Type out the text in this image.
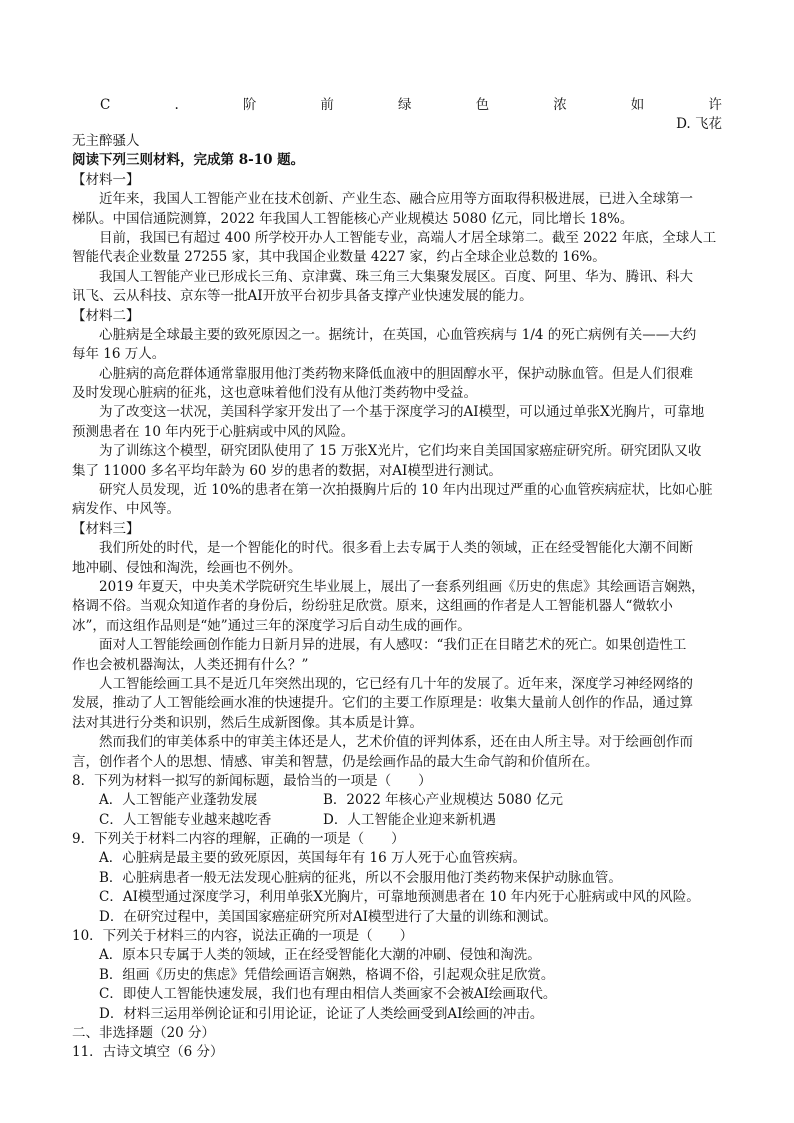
C	.	阶	前	绿	色	浓	如	许
D. 飞花
无主醉骚人
阅读下列三则材料，完成第 8-10 题。
【材料一】
近年来，我国人工智能产业在技术创新、产业生态、融合应用等方面取得积极进展，已进入全球第一
梯队。中国信通院测算，2022 年我国人工智能核心产业规模达 5080 亿元，同比增长 18%。
目前，我国已有超过 400 所学校开办人工智能专业，高端人才居全球第二。截至 2022 年底，全球人工
智能代表企业数量 27255 家，其中我国企业数量 4227 家，约占全球企业总数的 16%。
我国人工智能产业已形成长三角、京津冀、珠三角三大集聚发展区。百度、阿里、华为、腾讯、科大
讯飞、云从科技、京东等一批AI开放平台初步具备支撑产业快速发展的能力。
【材料二】
心脏病是全球最主要的致死原因之一。据统计，在英国，心血管疾病与 1/4 的死亡病例有关——大约
每年 16 万人。
心脏病的高危群体通常靠服用他汀类药物来降低血液中的胆固醇水平，保护动脉血管。但是人们很难
及时发现心脏病的征兆，这也意味着他们没有从他汀类药物中受益。
为了改变这一状况，美国科学家开发出了一个基于深度学习的AI模型，可以通过单张X光胸片，可靠地
预测患者在 10 年内死于心脏病或中风的风险。
为了训练这个模型，研究团队使用了 15 万张X光片，它们均来自美国国家癌症研究所。研究团队又收
集了 11000 多名平均年龄为 60 岁的患者的数据，对AI模型进行测试。
研究人员发现，近 10%的患者在第一次拍摄胸片后的 10 年内出现过严重的心血管疾病症状，比如心脏
病发作、中风等。
【材料三】
我们所处的时代，是一个智能化的时代。很多看上去专属于人类的领域，正在经受智能化大潮不间断
地冲刷、侵蚀和淘洗，绘画也不例外。
2019 年夏天，中央美术学院研究生毕业展上，展出了一套系列组画《历史的焦虑》其绘画语言娴熟，
格调不俗。当观众知道作者的身份后，纷纷驻足欣赏。原来，这组画的作者是人工智能机器人“微软小
冰”，而这组作品则是“她”通过三年的深度学习后自动生成的画作。
面对人工智能绘画创作能力日新月异的进展，有人感叹：“我们正在目睹艺术的死亡。如果创造性工
作也会被机器淘汰，人类还拥有什么？”
人工智能绘画工具不是近几年突然出现的，它已经有几十年的发展了。近年来，深度学习神经网络的
发展，推动了人工智能绘画水准的快速提升。它们的主要工作原理是：收集大量前人创作的作品，通过算
法对其进行分类和识别，然后生成新图像。其本质是计算。
然而我们的审美体系中的审美主体还是人，艺术价值的评判体系，还在由人所主导。对于绘画创作而
言，创作者个人的思想、情感、审美和智慧，仍是绘画作品的最大生命气韵和价值所在。
8．下列为材料一拟写的新闻标题，最恰当的一项是（　　）
A．人工智能产业蓬勃发展	B．2022 年核心产业规模达 5080 亿元
C．人工智能专业越来越吃香	D．人工智能企业迎来新机遇
9．下列关于材料二内容的理解，正确的一项是（　　）
A．心脏病是最主要的致死原因，英国每年有 16 万人死于心血管疾病。
B．心脏病患者一般无法发现心脏病的征兆，所以不会服用他汀类药物来保护动脉血管。
C．AI模型通过深度学习，利用单张X光胸片，可靠地预测患者在 10 年内死于心脏病或中风的风险。
D．在研究过程中，美国国家癌症研究所对AI模型进行了大量的训练和测试。
10．下列关于材料三的内容，说法正确的一项是（　　）
A．原本只专属于人类的领域，正在经受智能化大潮的冲刷、侵蚀和淘洗。
B．组画《历史的焦虑》凭借绘画语言娴熟，格调不俗，引起观众驻足欣赏。
C．即使人工智能快速发展，我们也有理由相信人类画家不会被AI绘画取代。
D．材料三运用举例论证和引用论证，论证了人类绘画受到AI绘画的冲击。
二、非选择题（20 分）
11．古诗文填空（6 分）
